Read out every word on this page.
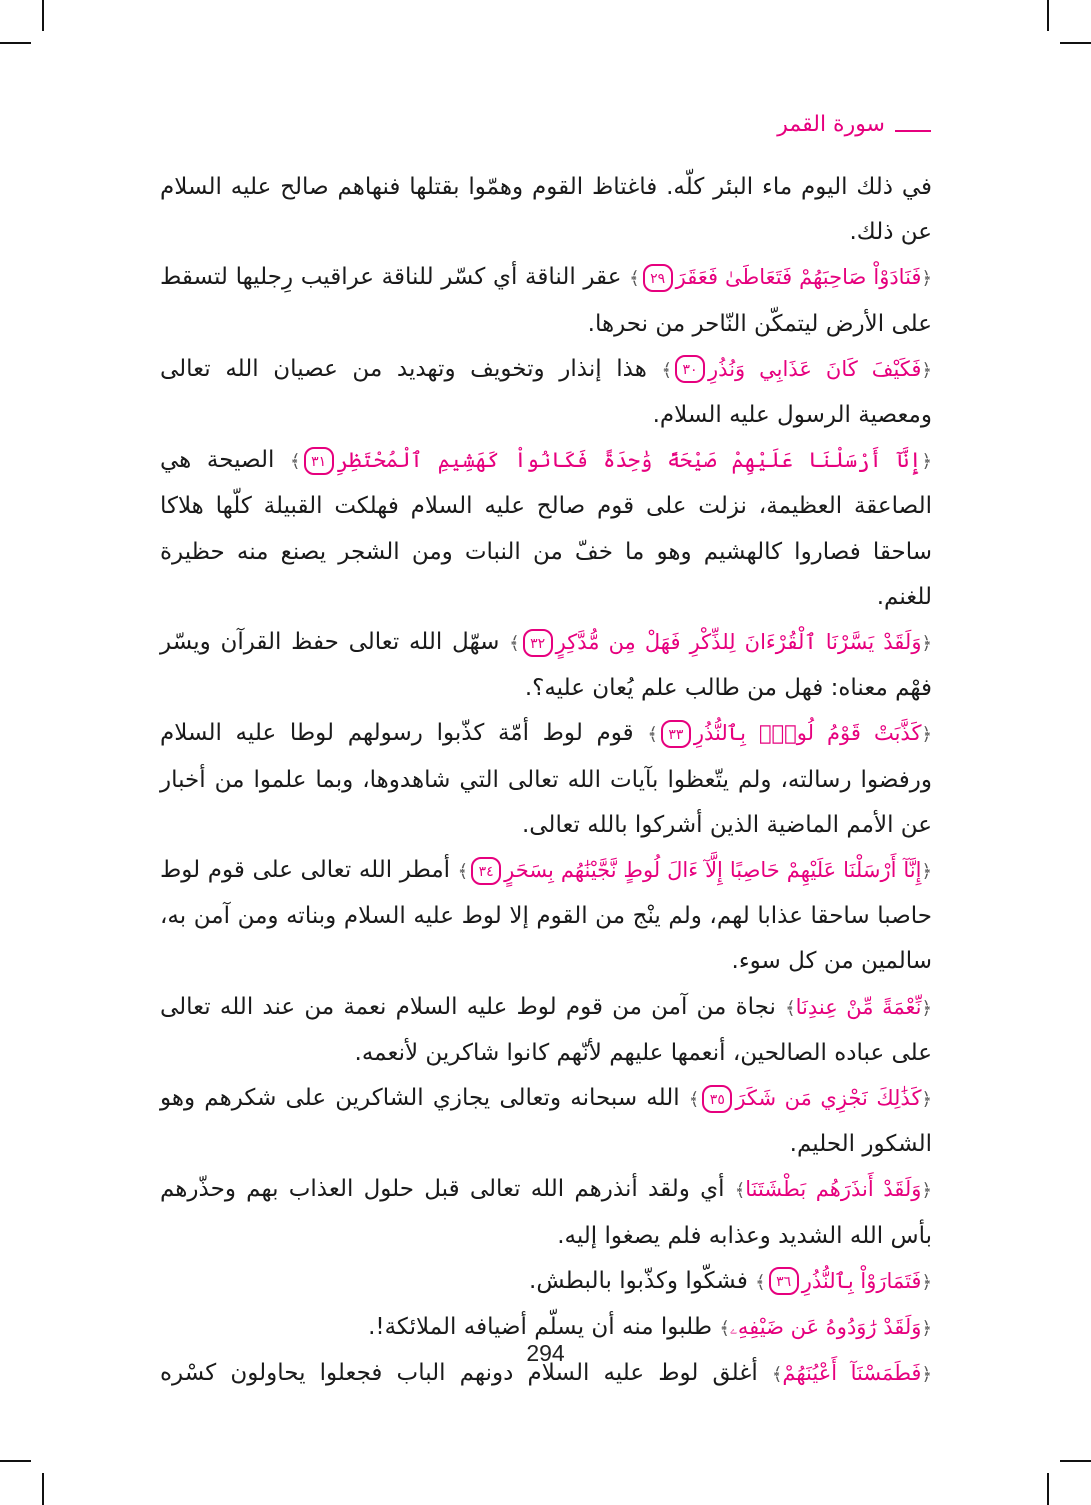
سورة القمر

في ذلك اليوم ماء البئر كلّه. فاغتاظ القوم وهمّوا بقتلها فنهاهم صالح عليه السلام عن ذلك.

﴿فَنَادَوْاْ صَاحِبَهُمْ فَتَعَاطَىٰ فَعَقَرَ٢٩﴾ عقر الناقة أي كسّر للناقة عراقيب رِجليها لتسقط على الأرض ليتمكّن النّاحر من نحرها.

﴿فَكَيْفَ كَانَ عَذَابِي وَنُذُرِ٣٠﴾ هذا إنذار وتخويف وتهديد من عصيان الله تعالى ومعصية الرسول عليه السلام.

﴿إِنَّآ أَرْسَلْنَا عَلَيْهِمْ صَيْحَةً وَٰحِدَةً فَكَانُواْ كَهَشِيمِ ٱلْمُحْتَظِرِ٣١﴾ الصيحة هي الصاعقة العظيمة، نزلت على قوم صالح عليه السلام فهلكت القبيلة كلّها هلاكا ساحقا فصاروا كالهشيم وهو ما خفّ من النبات ومن الشجر يصنع منه حظيرة للغنم.

﴿وَلَقَدْ يَسَّرْنَا ٱلْقُرْءَانَ لِلذِّكْرِ فَهَلْ مِن مُّدَّكِرٍ٣٢﴾ سهّل الله تعالى حفظ القرآن ويسّر فهْم معناه: فهل من طالب علم يُعان عليه؟.

﴿كَذَّبَتْ قَوْمُ لُوطٍۭ بِٱلنُّذُرِ٣٣﴾ قوم لوط أمّة كذّبوا رسولهم لوطا عليه السلام ورفضوا رسالته، ولم يتّعظوا بآيات الله تعالى التي شاهدوها، وبما علموا من أخبار عن الأمم الماضية الذين أشركوا بالله تعالى.

﴿إِنَّآ أَرْسَلْنَا عَلَيْهِمْ حَاصِبًا إِلَّآ ءَالَ لُوطٍ نَّجَّيْنَٰهُم بِسَحَرٍ٣٤﴾ أمطر الله تعالى على قوم لوط حاصبا ساحقا عذابا لهم، ولم ينْج من القوم إلا لوط عليه السلام وبناته ومن آمن به، سالمين من كل سوء.

﴿نِّعْمَةً مِّنْ عِندِنَا﴾ نجاة من آمن من قوم لوط عليه السلام نعمة من عند الله تعالى على عباده الصالحين، أنعمها عليهم لأنّهم كانوا شاكرين لأنعمه.

﴿كَذَٰلِكَ نَجْزِي مَن شَكَرَ٣٥﴾ الله سبحانه وتعالى يجازي الشاكرين على شكرهم وهو الشكور الحليم.

﴿وَلَقَدْ أَنذَرَهُم بَطْشَتَنَا﴾ أي ولقد أنذرهم الله تعالى قبل حلول العذاب بهم وحذّرهم بأس الله الشديد وعذابه فلم يصغوا إليه.

﴿فَتَمَارَوْاْ بِٱلنُّذُرِ٣٦﴾ فشكّوا وكذّبوا بالبطش.

﴿وَلَقَدْ رَٰوَدُوهُ عَن ضَيْفِهِۦ﴾ طلبوا منه أن يسلّم أضيافه الملائكة!.

﴿فَطَمَسْنَآ أَعْيُنَهُمْ﴾ أغلق لوط عليه السلام دونهم الباب فجعلوا يحاولون كسْره

294
